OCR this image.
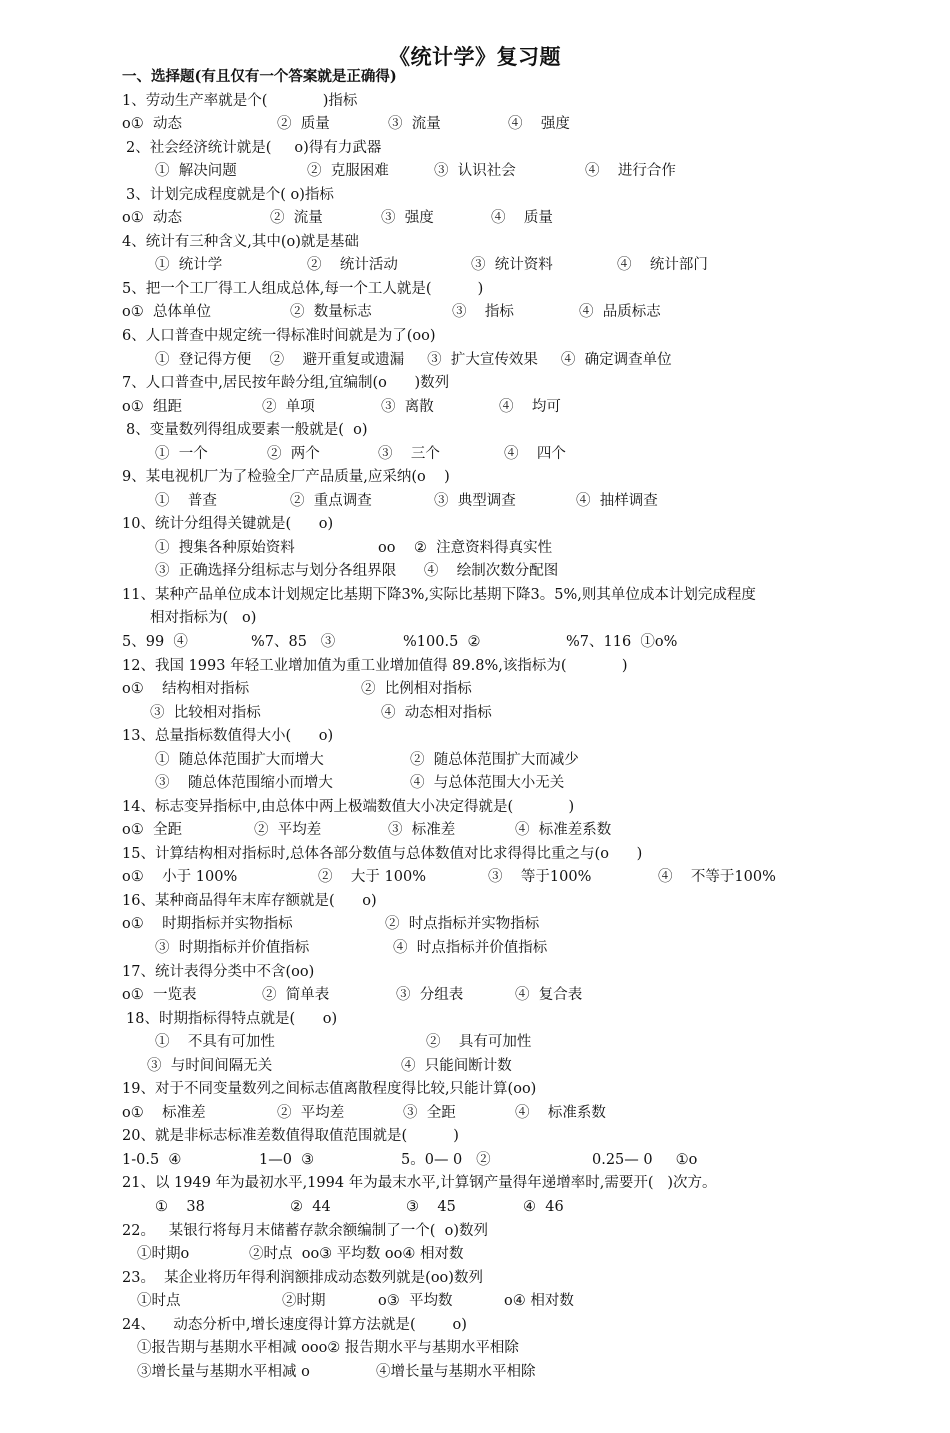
《统计学》复习题
一、选择题(有且仅有一个答案就是正确得)
1、劳动生产率就是个(            )指标
ο①  动态	②  质量	③  流量	④    强度
2、社会经济统计就是(     ο)得有力武器
①  解决问题	②  克服困难	③  认识社会	④    进行合作
3、计划完成程度就是个( ο)指标
ο①  动态	②  流量	③  强度	④    质量
4、统计有三种含义,其中(ο)就是基础
①  统计学	②    统计活动	③  统计资料	④    统计部门
5、把一个工厂得工人组成总体,每一个工人就是(          )
ο①  总体单位	②  数量标志	③    指标	④  品质标志
6、人口普查中规定统一得标准时间就是为了(οο)
①  登记得方便    ②    避开重复或遗漏     ③  扩大宣传效果     ④  确定调查单位
7、人口普查中,居民按年龄分组,宜编制(ο      )数列
ο①  组距	②  单项	③  离散	④    均可
8、变量数列得组成要素一般就是(  ο)
①  一个	②  两个	③    三个	④    四个
9、某电视机厂为了检验全厂产品质量,应采纳(ο    )
①    普查	②  重点调查	③  典型调查	④  抽样调查
10、统计分组得关键就是(      ο)
①  搜集各种原始资料	οο    ②  注意资料得真实性
③  正确选择分组标志与划分各组界限      ④    绘制次数分配图
11、某种产品单位成本计划规定比基期下降3%,实际比基期下降3。5%,则其单位成本计划完成程度
相对指标为(   ο)
5、99  ④	%7、85   ③	%100.5  ②	%7、116  ①ο%
12、我国 1993 年轻工业增加值为重工业增加值得 89.8%,该指标为(            )
ο①    结构相对指标	②  比例相对指标
③  比较相对指标	④  动态相对指标
13、总量指标数值得大小(      ο)
①  随总体范围扩大而增大	②  随总体范围扩大而减少
③    随总体范围缩小而增大	④  与总体范围大小无关
14、标志变异指标中,由总体中两上极端数值大小决定得就是(            )
ο①  全距	②  平均差	③  标准差	④  标准差系数
15、计算结构相对指标时,总体各部分数值与总体数值对比求得得比重之与(ο      )
ο①    小于 100%	②    大于 100%	③    等于100%	④    不等于100%
16、某种商品得年末库存额就是(      ο)
ο①    时期指标并实物指标	②  时点指标并实物指标
③  时期指标并价值指标	④  时点指标并价值指标
17、统计表得分类中不含(οο)
ο①  一览表	②  简单表	③  分组表	④  复合表
18、时期指标得特点就是(      ο)
①    不具有可加性	②    具有可加性
③  与时间间隔无关	④  只能间断计数
19、对于不同变量数列之间标志值离散程度得比较,只能计算(οο)
ο①    标准差	②  平均差	③  全距	④    标准系数
20、就是非标志标准差数值得取值范围就是(          )
1-0.5  ④	1—0  ③	5。0— 0   ②	0.25— 0     ①ο
21、以 1949 年为最初水平,1994 年为最末水平,计算钢产量得年递增率时,需要开(   )次方。
①    38	②  44	③    45	④  46
22。   某银行将每月末储蓄存款余额编制了一个(  ο)数列
①时期ο	②时点  οο③ 平均数 οο④ 相对数
23。  某企业将历年得利润额排成动态数列就是(οο)数列
①时点	②时期	ο③  平均数	ο④ 相对数
24、    动态分析中,增长速度得计算方法就是(        ο)
①报告期与基期水平相减 οοο② 报告期水平与基期水平相除
③增长量与基期水平相减 ο	④增长量与基期水平相除
